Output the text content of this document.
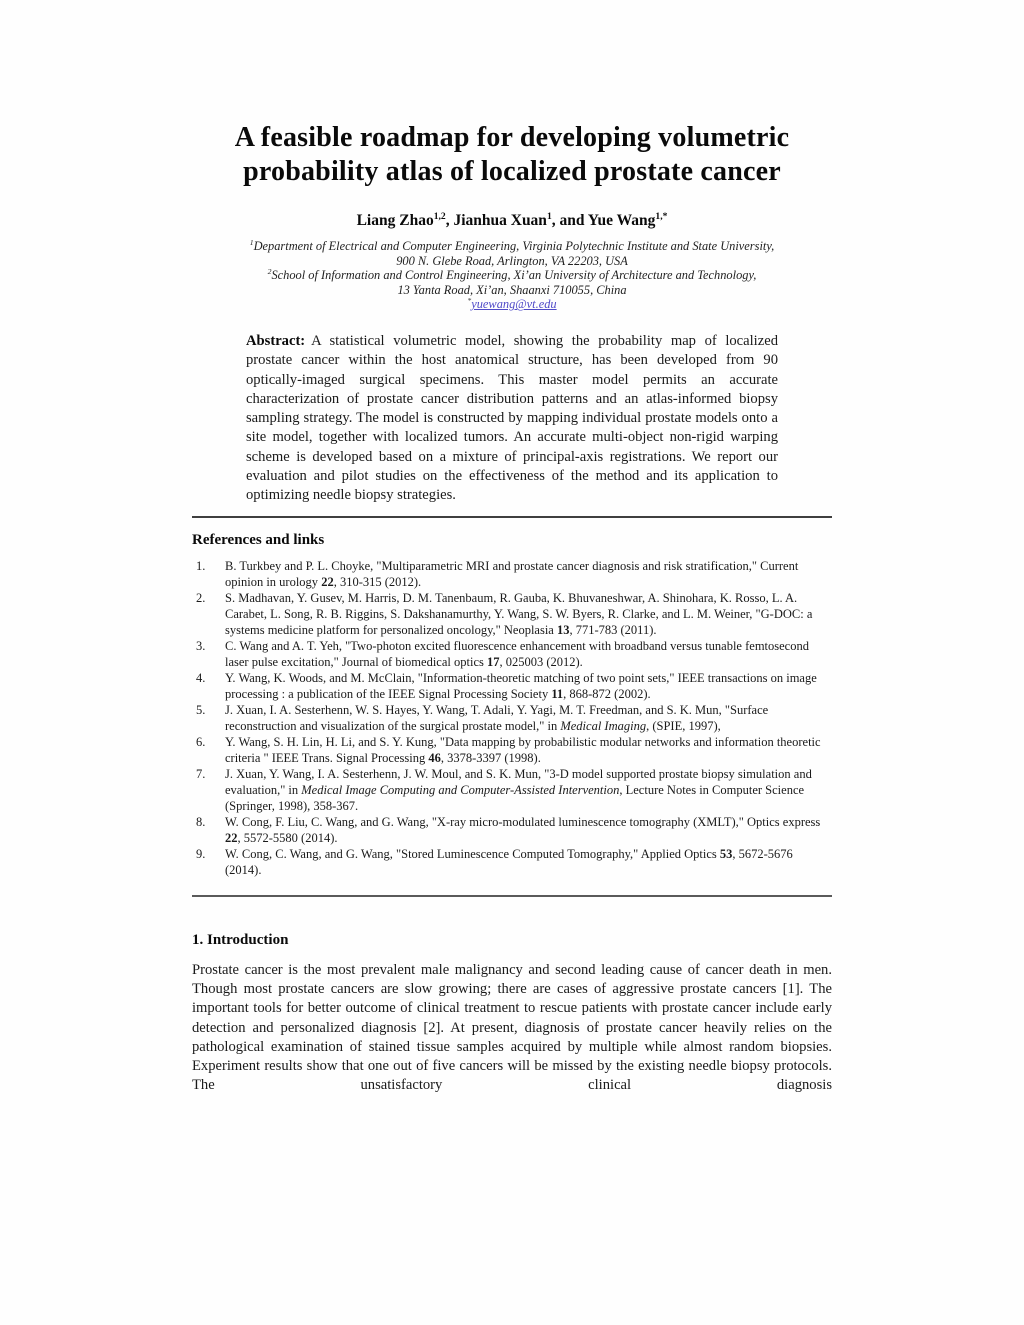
A feasible roadmap for developing volumetric
probability atlas of localized prostate cancer
Liang Zhao$^{1,2}$, Jianhua Xuan$^1$, and Yue Wang$^{1,*}$
$^1$Department of Electrical and Computer Engineering, Virginia Polytechnic Institute and State University,
900 N. Glebe Road, Arlington, VA 22203, USA
$^2$School of Information and Control Engineering, Xi’an University of Architecture and Technology,
13 Yanta Road, Xi’an, Shaanxi 710055, China
*yuewang@vt.edu
Abstract: A statistical volumetric model, showing the probability map of localized prostate cancer within the host anatomical structure, has been developed from 90 optically-imaged surgical specimens. This master model permits an accurate characterization of prostate cancer distribution patterns and an atlas-informed biopsy sampling strategy. The model is constructed by mapping individual prostate models onto a site model, together with localized tumors. An accurate multi-object non-rigid warping scheme is developed based on a mixture of principal-axis registrations. We report our evaluation and pilot studies on the effectiveness of the method and its application to optimizing needle biopsy strategies.
References and links
1.	B. Turkbey and P. L. Choyke, "Multiparametric MRI and prostate cancer diagnosis and risk stratification," Current opinion in urology 22, 310-315 (2012).
2.	S. Madhavan, Y. Gusev, M. Harris, D. M. Tanenbaum, R. Gauba, K. Bhuvaneshwar, A. Shinohara, K. Rosso, L. A. Carabet, L. Song, R. B. Riggins, S. Dakshanamurthy, Y. Wang, S. W. Byers, R. Clarke, and L. M. Weiner, "G-DOC: a systems medicine platform for personalized oncology," Neoplasia 13, 771-783 (2011).
3.	C. Wang and A. T. Yeh, "Two-photon excited fluorescence enhancement with broadband versus tunable femtosecond laser pulse excitation," Journal of biomedical optics 17, 025003 (2012).
4.	Y. Wang, K. Woods, and M. McClain, "Information-theoretic matching of two point sets," IEEE transactions on image processing : a publication of the IEEE Signal Processing Society 11, 868-872 (2002).
5.	J. Xuan, I. A. Sesterhenn, W. S. Hayes, Y. Wang, T. Adali, Y. Yagi, M. T. Freedman, and S. K. Mun, "Surface reconstruction and visualization of the surgical prostate model," in Medical Imaging, (SPIE, 1997),
6.	Y. Wang, S. H. Lin, H. Li, and S. Y. Kung, "Data mapping by probabilistic modular networks and information theoretic criteria " IEEE Trans. Signal Processing 46, 3378-3397 (1998).
7.	J. Xuan, Y. Wang, I. A. Sesterhenn, J. W. Moul, and S. K. Mun, "3-D model supported prostate biopsy simulation and evaluation," in Medical Image Computing and Computer-Assisted Intervention, Lecture Notes in Computer Science (Springer, 1998), 358-367.
8.	W. Cong, F. Liu, C. Wang, and G. Wang, "X-ray micro-modulated luminescence tomography (XMLT)," Optics express 22, 5572-5580 (2014).
9.	W. Cong, C. Wang, and G. Wang, "Stored Luminescence Computed Tomography," Applied Optics 53, 5672-5676 (2014).
1. Introduction

Prostate cancer is the most prevalent male malignancy and second leading cause of cancer death in men. Though most prostate cancers are slow growing; there are cases of aggressive prostate cancers [1]. The important tools for better outcome of clinical treatment to rescue patients with prostate cancer include early detection and personalized diagnosis [2]. At present, diagnosis of prostate cancer heavily relies on the pathological examination of stained tissue samples acquired by multiple while almost random biopsies. Experiment results show that one out of five cancers will be missed by the existing needle biopsy protocols. The unsatisfactory clinical diagnosis
